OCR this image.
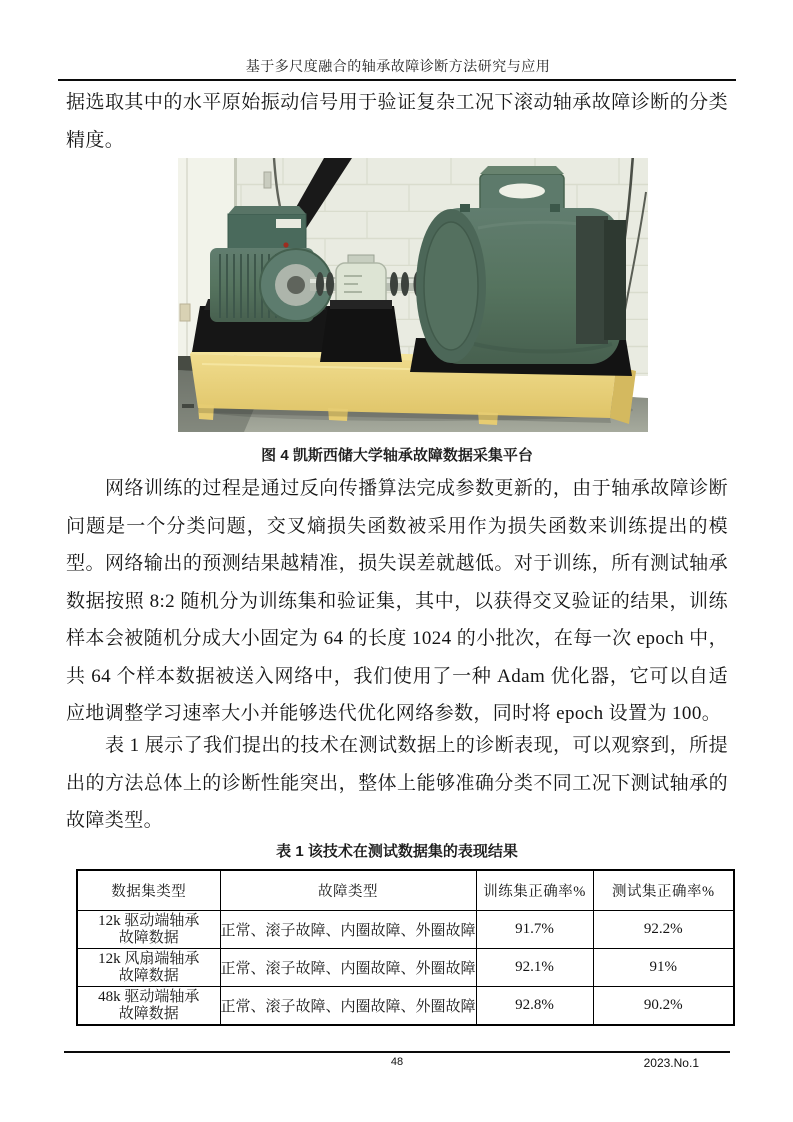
基于多尺度融合的轴承故障诊断方法研究与应用
据选取其中的水平原始振动信号用于验证复杂工况下滚动轴承故障诊断的分类精度。
图 4 凯斯西储大学轴承故障数据采集平台
网络训练的过程是通过反向传播算法完成参数更新的，由于轴承故障诊断问题是一个分类问题，交叉熵损失函数被采用作为损失函数来训练提出的模型。网络输出的预测结果越精准，损失误差就越低。对于训练，所有测试轴承数据按照 8:2 随机分为训练集和验证集，其中，以获得交叉验证的结果，训练样本会被随机分成大小固定为 64 的长度 1024 的小批次，在每一次 epoch 中，共 64 个样本数据被送入网络中，我们使用了一种 Adam 优化器，它可以自适应地调整学习速率大小并能够迭代优化网络参数，同时将 epoch 设置为 100。
表 1 展示了我们提出的技术在测试数据上的诊断表现，可以观察到，所提出的方法总体上的诊断性能突出，整体上能够准确分类不同工况下测试轴承的故障类型。
表 1 该技术在测试数据集的表现结果
数据集类型	故障类型	训练集正确率%	测试集正确率%
12k 驱动端轴承
故障数据	正常、滚子故障、内圈故障、外圈故障	91.7%	92.2%
12k 风扇端轴承
故障数据	正常、滚子故障、内圈故障、外圈故障	92.1%	91%
48k 驱动端轴承
故障数据	正常、滚子故障、内圈故障、外圈故障	92.8%	90.2%
48	2023.No.1
